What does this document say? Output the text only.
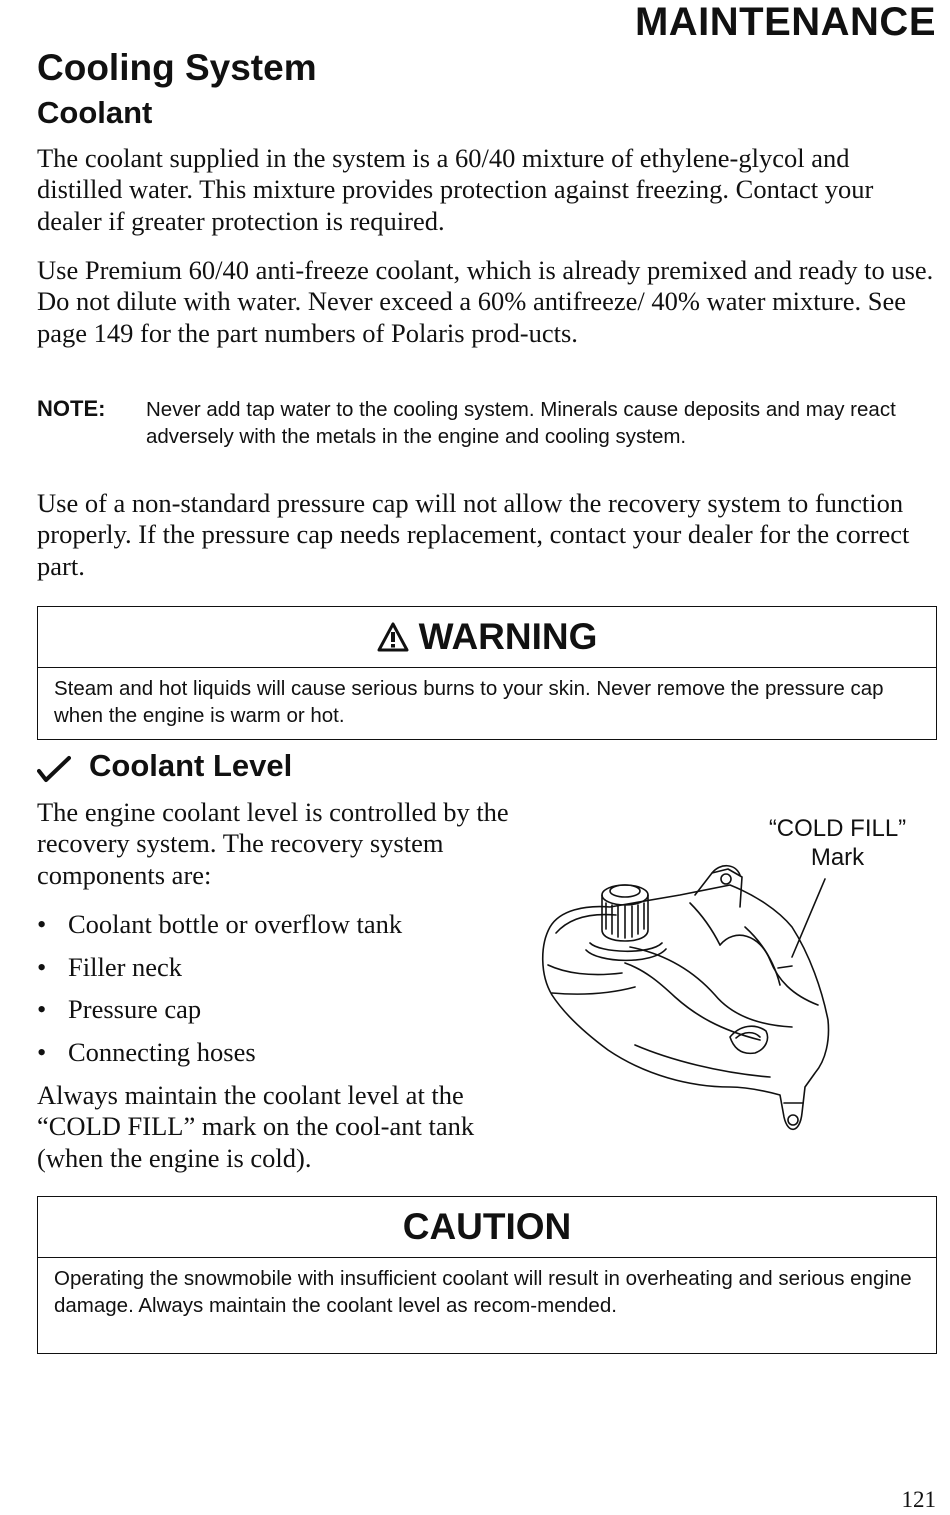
MAINTENANCE
Cooling System
Coolant

The coolant supplied in the system is a 60/40 mixture of ethylene-glycol and distilled water. This mixture provides protection against freezing. Contact your dealer if greater protection is required.

Use Premium 60/40 anti-freeze coolant, which is already premixed and ready to use. Do not dilute with water. Never exceed a 60% antifreeze/ 40% water mixture. See page 149 for the part numbers of Polaris prod-ucts.

NOTE: Never add tap water to the cooling system. Minerals cause deposits and may react adversely with the metals in the engine and cooling system.

Use of a non-standard pressure cap will not allow the recovery system to function properly. If the pressure cap needs replacement, contact your dealer for the correct part.

WARNING

Steam and hot liquids will cause serious burns to your skin. Never remove the pressure cap when the engine is warm or hot.

Coolant Level

The engine coolant level is controlled by the recovery system. The recovery system components are:

• Coolant bottle or overflow tank
• Filler neck
• Pressure cap
• Connecting hoses

Always maintain the coolant level at the “COLD FILL” mark on the cool-ant tank (when the engine is cold).

“COLD FILL”
Mark
CAUTION

Operating the snowmobile with insufficient coolant will result in overheating and serious engine damage. Always maintain the coolant level as recom-mended.

121
